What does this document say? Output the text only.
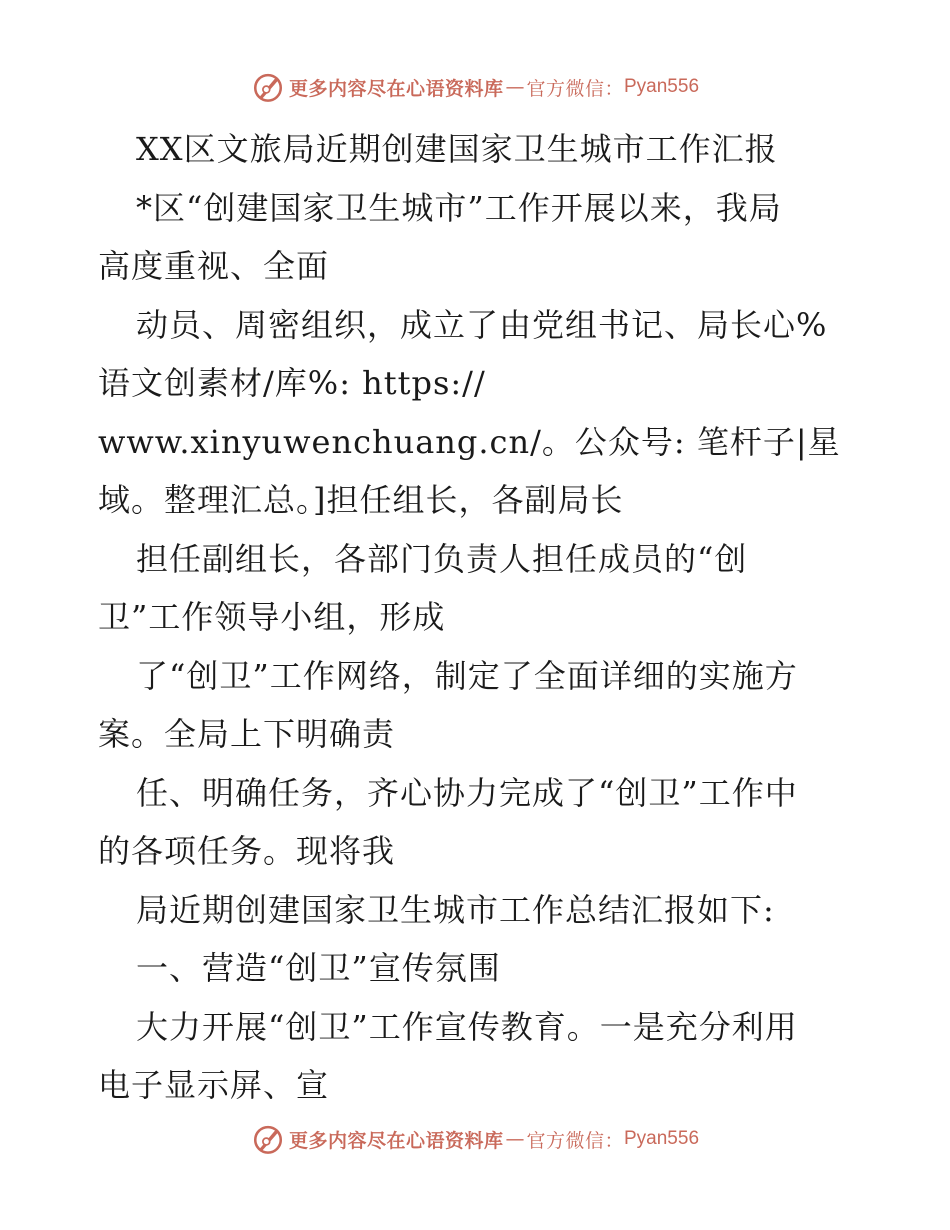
更多内容尽在心语资料库 — 官方微信： Pyan556
XX区文旅局近期创建国家卫生城市工作汇报
*区“创建国家卫生城市”工作开展以来，我局
高度重视、全面
动员、周密组织，成立了由党组书记、局长心%
语文创素材/库%: https://
www.xinyuwenchuang.cn/。公众号: 笔杆子|星
域。整理汇总。]担任组长，各副局长
担任副组长，各部门负责人担任成员的“创
卫”工作领导小组，形成
了“创卫”工作网络，制定了全面详细的实施方
案。全局上下明确责
任、明确任务，齐心协力完成了“创卫”工作中
的各项任务。现将我
局近期创建国家卫生城市工作总结汇报如下:
一、营造“创卫”宣传氛围
大力开展“创卫”工作宣传教育。一是充分利用
电子显示屏、宣
更多内容尽在心语资料库 — 官方微信： Pyan556
